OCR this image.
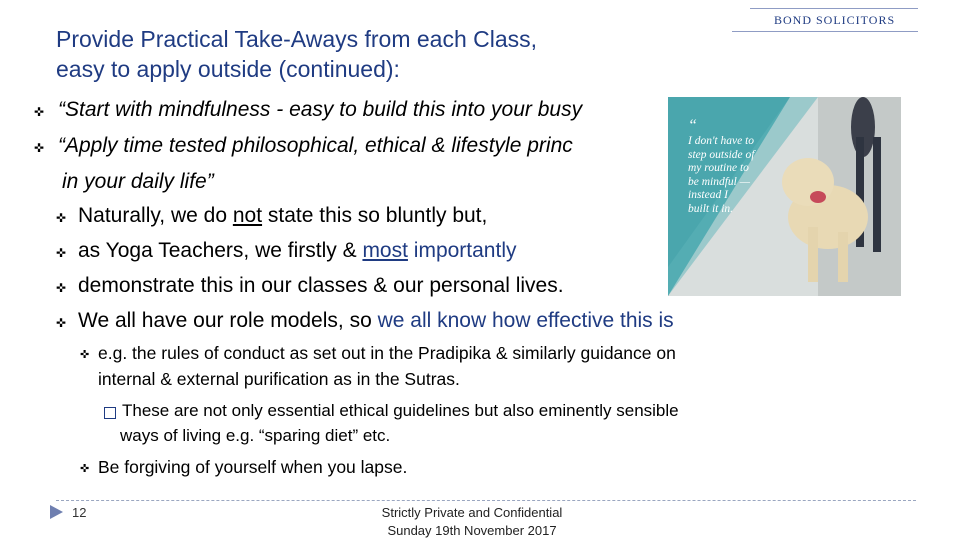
Provide Practical Take-Aways from each Class,
easy to apply outside (continued):
BOND SOLICITORS
✜ “Start with mindfulness - easy to build this into your busy
✜ “Apply time tested philosophical, ethical & lifestyle princ
in your daily life”
✜ Naturally, we do not state this so bluntly but,
✜ as Yoga Teachers, we firstly & most importantly
✜ demonstrate this in our classes & our personal lives.
✜ We all have our role models, so we all know how effective this is
✜ e.g. the rules of conduct as set out in the Pradipika & similarly guidance on
internal & external purification as in the Sutras.
These are not only essential ethical guidelines but also eminently sensible
ways of living e.g. “sparing diet” etc.
✜ Be forgiving of yourself when you lapse.
“
I don't have to
step outside of
my routine to
be mindful —
instead I
built it in.
12	Strictly Private and Confidential
Sunday 19th November 2017
